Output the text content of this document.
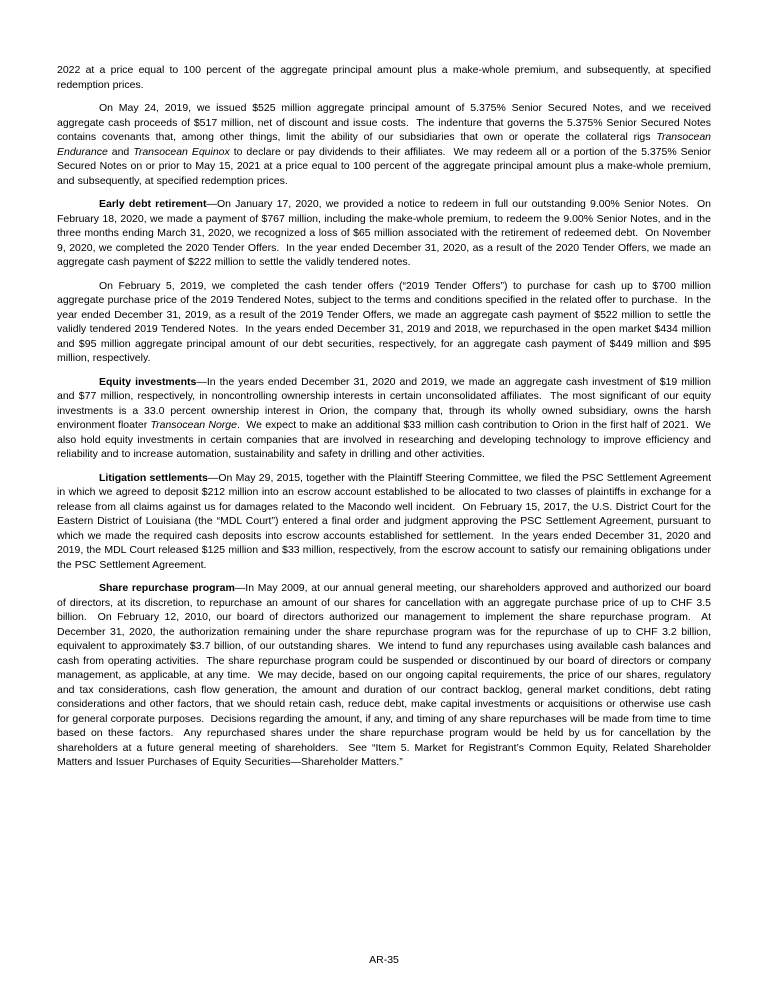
2022 at a price equal to 100 percent of the aggregate principal amount plus a make-whole premium, and subsequently, at specified redemption prices.

On May 24, 2019, we issued $525 million aggregate principal amount of 5.375% Senior Secured Notes, and we received aggregate cash proceeds of $517 million, net of discount and issue costs.  The indenture that governs the 5.375% Senior Secured Notes contains covenants that, among other things, limit the ability of our subsidiaries that own or operate the collateral rigs Transocean Endurance and Transocean Equinox to declare or pay dividends to their affiliates.  We may redeem all or a portion of the 5.375% Senior Secured Notes on or prior to May 15, 2021 at a price equal to 100 percent of the aggregate principal amount plus a make-whole premium, and subsequently, at specified redemption prices.

Early debt retirement—On January 17, 2020, we provided a notice to redeem in full our outstanding 9.00% Senior Notes.  On February 18, 2020, we made a payment of $767 million, including the make-whole premium, to redeem the 9.00% Senior Notes, and in the three months ending March 31, 2020, we recognized a loss of $65 million associated with the retirement of redeemed debt.  On November 9, 2020, we completed the 2020 Tender Offers.  In the year ended December 31, 2020, as a result of the 2020 Tender Offers, we made an aggregate cash payment of $222 million to settle the validly tendered notes.

On February 5, 2019, we completed the cash tender offers (“2019 Tender Offers”) to purchase for cash up to $700 million aggregate purchase price of the 2019 Tendered Notes, subject to the terms and conditions specified in the related offer to purchase.  In the year ended December 31, 2019, as a result of the 2019 Tender Offers, we made an aggregate cash payment of $522 million to settle the validly tendered 2019 Tendered Notes.  In the years ended December 31, 2019 and 2018, we repurchased in the open market $434 million and $95 million aggregate principal amount of our debt securities, respectively, for an aggregate cash payment of $449 million and $95 million, respectively.

Equity investments—In the years ended December 31, 2020 and 2019, we made an aggregate cash investment of $19 million and $77 million, respectively, in noncontrolling ownership interests in certain unconsolidated affiliates.  The most significant of our equity investments is a 33.0 percent ownership interest in Orion, the company that, through its wholly owned subsidiary, owns the harsh environment floater Transocean Norge.  We expect to make an additional $33 million cash contribution to Orion in the first half of 2021.  We also hold equity investments in certain companies that are involved in researching and developing technology to improve efficiency and reliability and to increase automation, sustainability and safety in drilling and other activities.

Litigation settlements—On May 29, 2015, together with the Plaintiff Steering Committee, we filed the PSC Settlement Agreement in which we agreed to deposit $212 million into an escrow account established to be allocated to two classes of plaintiffs in exchange for a release from all claims against us for damages related to the Macondo well incident.  On February 15, 2017, the U.S. District Court for the Eastern District of Louisiana (the “MDL Court”) entered a final order and judgment approving the PSC Settlement Agreement, pursuant to which we made the required cash deposits into escrow accounts established for settlement.  In the years ended December 31, 2020 and 2019, the MDL Court released $125 million and $33 million, respectively, from the escrow account to satisfy our remaining obligations under the PSC Settlement Agreement.

Share repurchase program—In May 2009, at our annual general meeting, our shareholders approved and authorized our board of directors, at its discretion, to repurchase an amount of our shares for cancellation with an aggregate purchase price of up to CHF 3.5 billion.  On February 12, 2010, our board of directors authorized our management to implement the share repurchase program.  At December 31, 2020, the authorization remaining under the share repurchase program was for the repurchase of up to CHF 3.2 billion, equivalent to approximately $3.7 billion, of our outstanding shares.  We intend to fund any repurchases using available cash balances and cash from operating activities.  The share repurchase program could be suspended or discontinued by our board of directors or company management, as applicable, at any time.  We may decide, based on our ongoing capital requirements, the price of our shares, regulatory and tax considerations, cash flow generation, the amount and duration of our contract backlog, general market conditions, debt rating considerations and other factors, that we should retain cash, reduce debt, make capital investments or acquisitions or otherwise use cash for general corporate purposes.  Decisions regarding the amount, if any, and timing of any share repurchases will be made from time to time based on these factors.  Any repurchased shares under the share repurchase program would be held by us for cancellation by the shareholders at a future general meeting of shareholders.  See “Item 5. Market for Registrant’s Common Equity, Related Shareholder Matters and Issuer Purchases of Equity Securities—Shareholder Matters.”

AR-35
